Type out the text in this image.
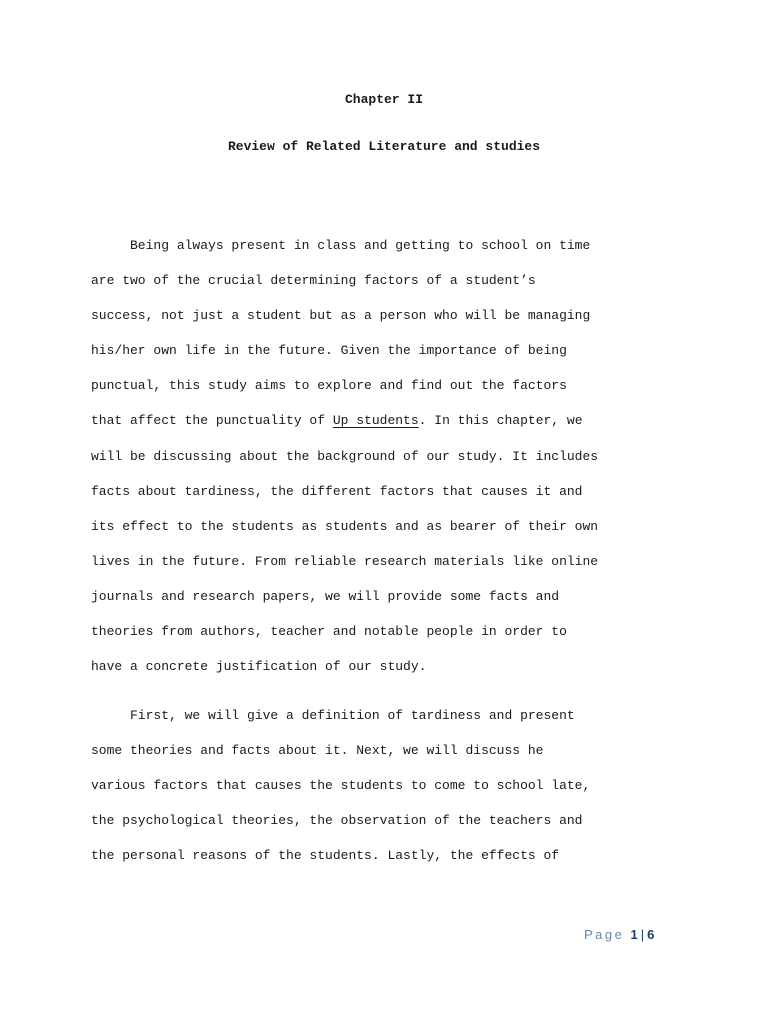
Chapter II
Review of Related Literature and studies
Being always present in class and getting to school on time
are two of the crucial determining factors of a student’s
success, not just a student but as a person who will be managing
his/her own life in the future. Given the importance of being
punctual, this study aims to explore and find out the factors
that affect the punctuality of Up students. In this chapter, we
will be discussing about the background of our study. It includes
facts about tardiness, the different factors that causes it and
its effect to the students as students and as bearer of their own
lives in the future. From reliable research materials like online
journals and research papers, we will provide some facts and
theories from authors, teacher and notable people in order to
have a concrete justification of our study.
First, we will give a definition of tardiness and present
some theories and facts about it. Next, we will discuss he
various factors that causes the students to come to school late,
the psychological theories, the observation of the teachers and
the personal reasons of the students. Lastly, the effects of
Page 1 | 6
